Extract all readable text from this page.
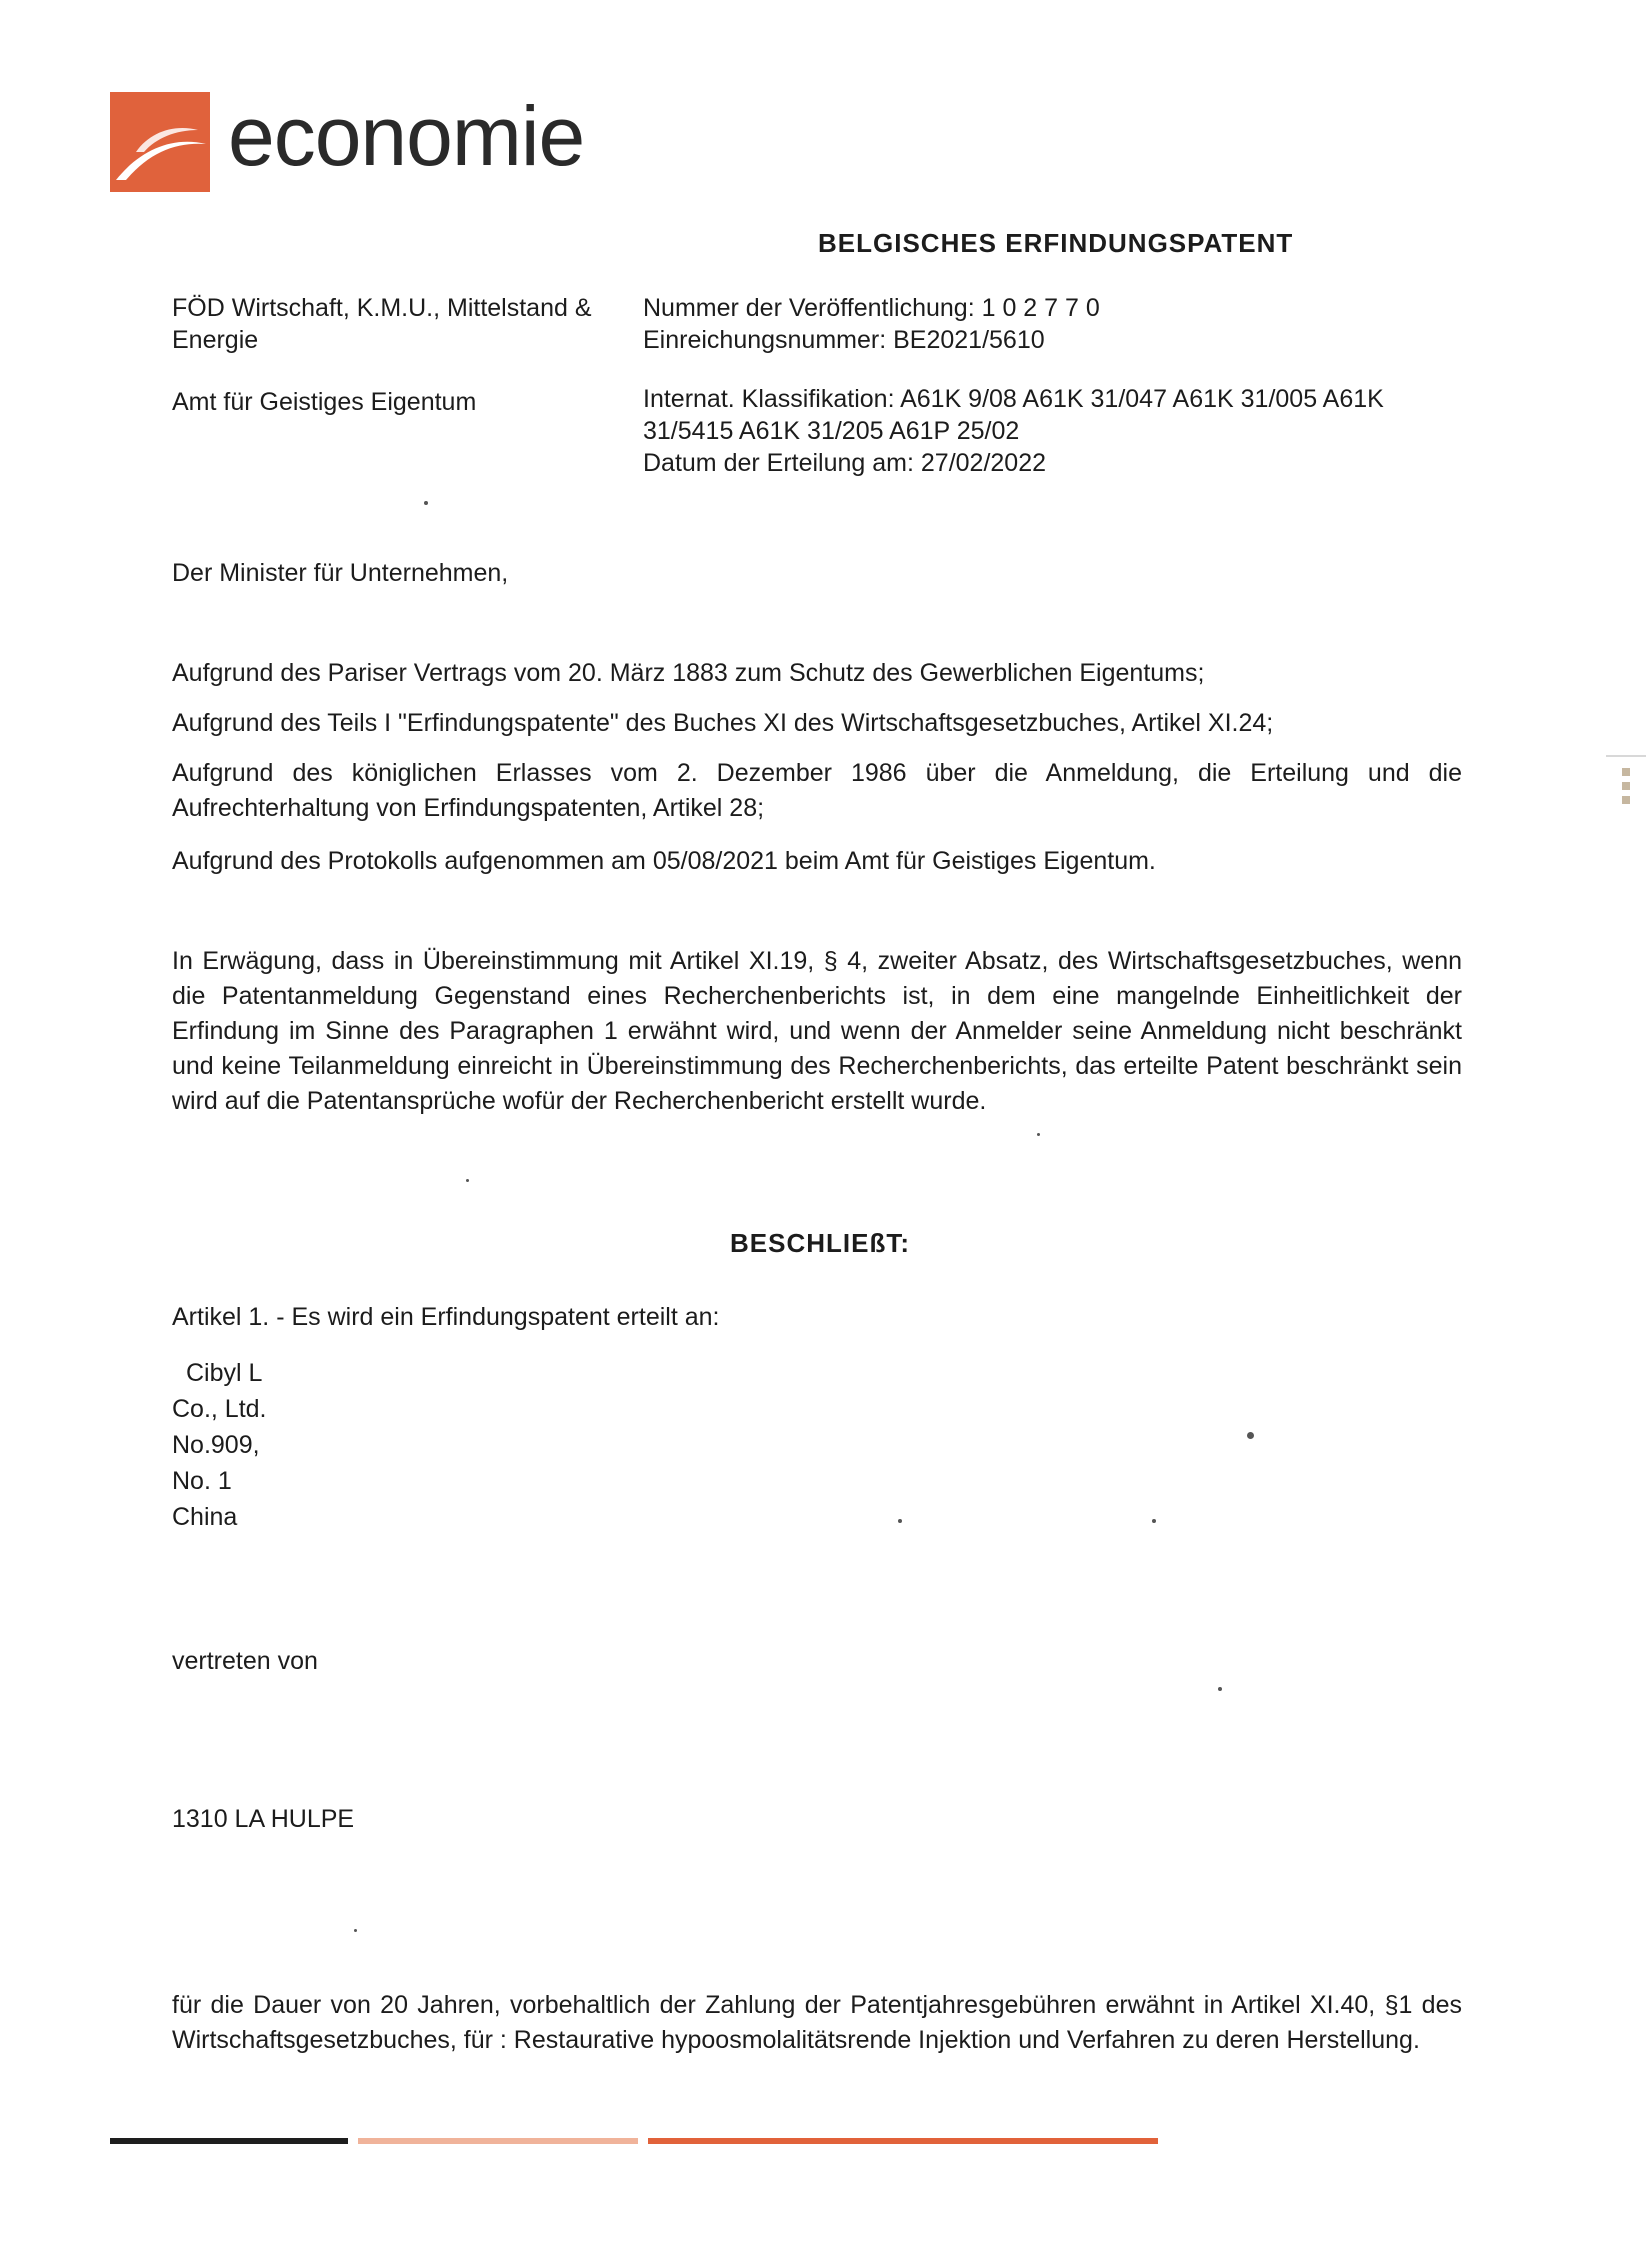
economie
BELGISCHES ERFINDUNGSPATENT
FÖD Wirtschaft, K.M.U., Mittelstand &
Energie
Amt für Geistiges Eigentum
Nummer der Veröffentlichung: 1 0 2 7 7 0
Einreichungsnummer: BE2021/5610
Internat. Klassifikation: A61K 9/08 A61K 31/047 A61K 31/005 A61K
31/5415 A61K 31/205 A61P 25/02
Datum der Erteilung am: 27/02/2022
Der Minister für Unternehmen,
Aufgrund des Pariser Vertrags vom 20. März 1883 zum Schutz des Gewerblichen Eigentums;
Aufgrund des Teils I "Erfindungspatente" des Buches XI des Wirtschaftsgesetzbuches, Artikel XI.24;
Aufgrund des königlichen Erlasses vom 2. Dezember 1986 über die Anmeldung, die Erteilung und die Aufrechterhaltung von Erfindungspatenten, Artikel 28;
Aufgrund des Protokolls aufgenommen am 05/08/2021 beim Amt für Geistiges Eigentum.
In Erwägung, dass in Übereinstimmung mit Artikel XI.19, § 4, zweiter Absatz, des Wirtschaftsgesetzbuches, wenn die Patentanmeldung Gegenstand eines Recherchenberichts ist, in dem eine mangelnde Einheitlichkeit der Erfindung im Sinne des Paragraphen 1 erwähnt wird, und wenn der Anmelder seine Anmeldung nicht beschränkt und keine Teilanmeldung einreicht in Übereinstimmung des Recherchenberichts, das erteilte Patent beschränkt sein wird auf die Patentansprüche wofür der Recherchenbericht erstellt wurde.
BESCHLIEßT:
Artikel 1. - Es wird ein Erfindungspatent erteilt an:
Cibyl L
Co., Ltd.
No.909,
No. 1
China
vertreten von
1310 LA HULPE
für die Dauer von 20 Jahren, vorbehaltlich der Zahlung der Patentjahresgebühren erwähnt in Artikel XI.40, §1 des Wirtschaftsgesetzbuches, für : Restaurative hypoosmolalitätsrende Injektion und Verfahren zu deren Herstellung.
